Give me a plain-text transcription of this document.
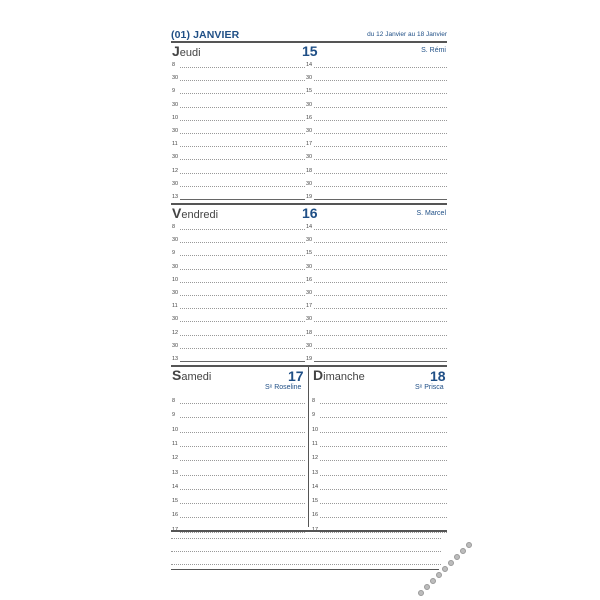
(01) JANVIER	du 12 Janvier au 18 Janvier
Jeudi	15	S. Rémi
8
30
9
30
10
30
11
30
12
30
13
14
30
15
30
16
30
17
30
18
30
19
Vendredi	16	S. Marcel
8
30
9
30
10
30
11
30
12
30
13
14
30
15
30
16
30
17
30
18
30
19
Samedi	17
Sᵉ Roseline
Dimanche	18
Sᵉ Prisca
8
9
10
11
12
13
14
15
16
8
9
10
11
12
13
14
15
16
